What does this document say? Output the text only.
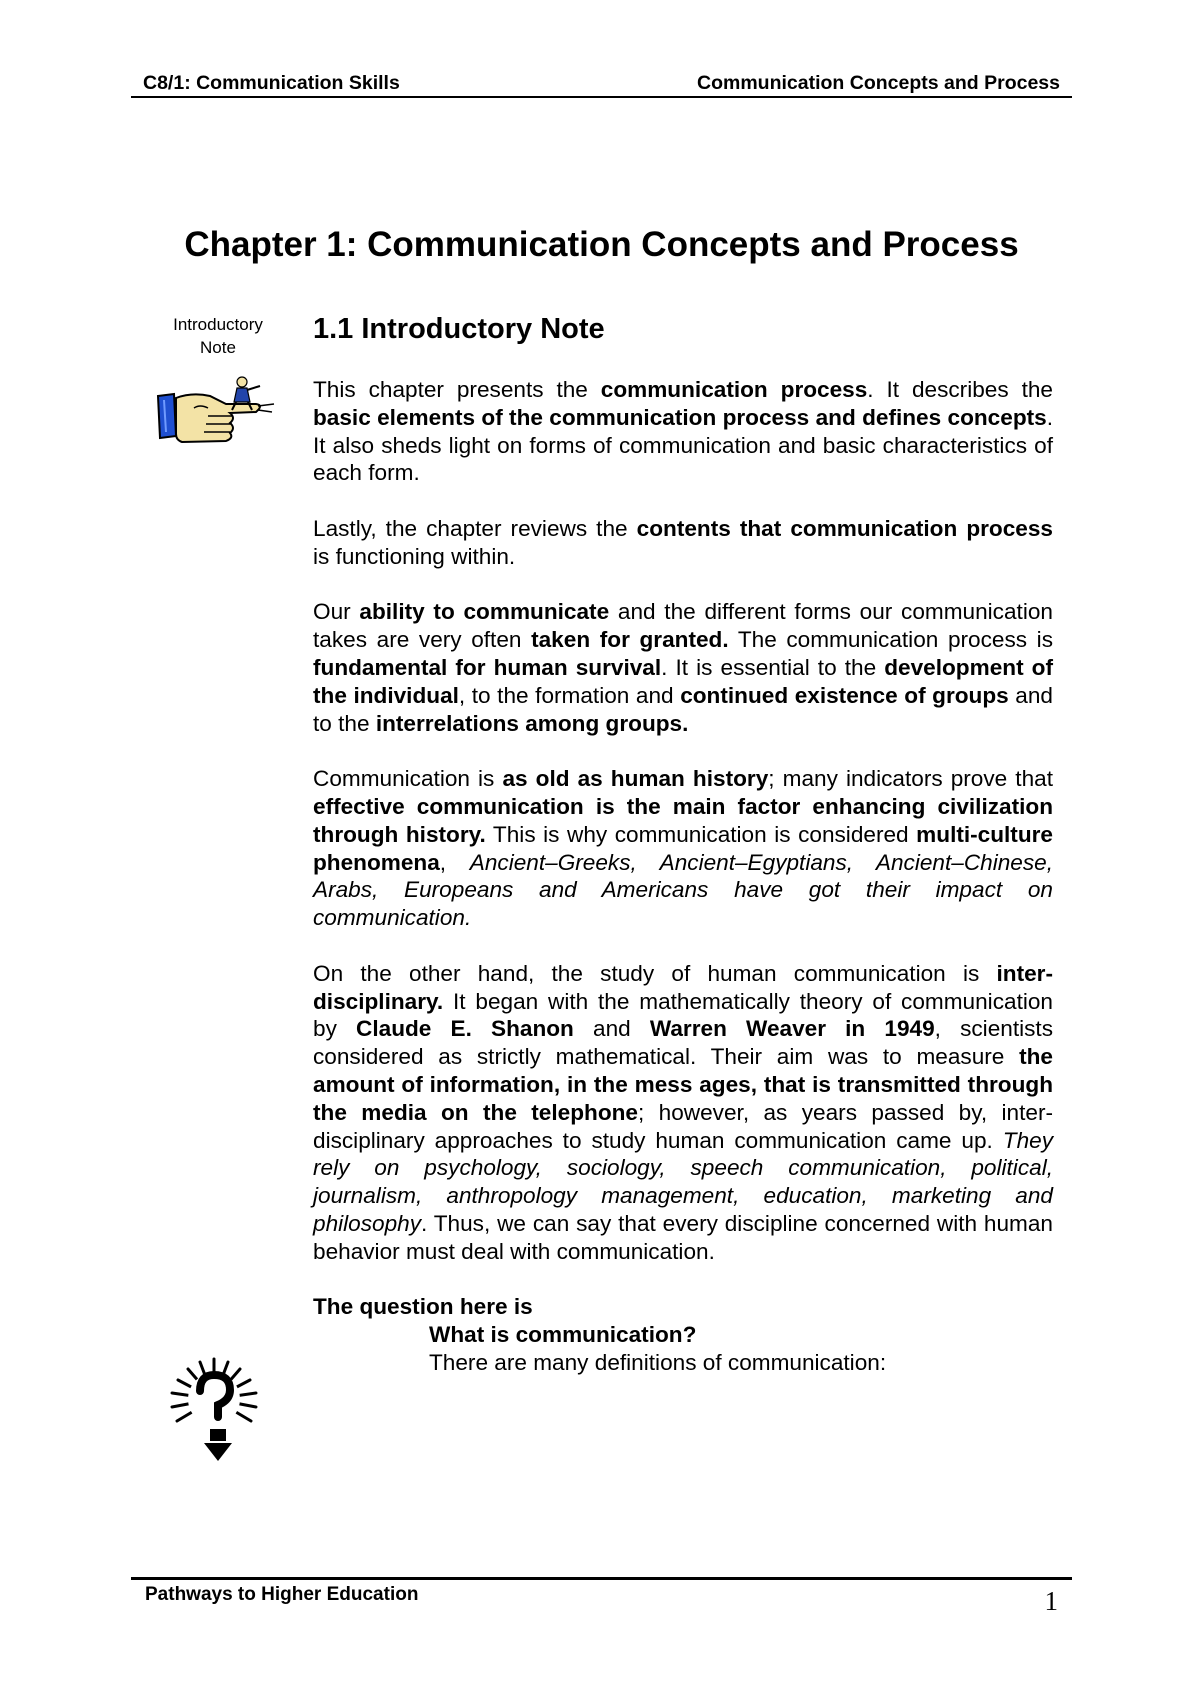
C8/1: Communication Skills	Communication Concepts and Process
Chapter 1: Communication Concepts and Process

Introductory
Note

1.1 Introductory Note

This chapter presents the communication process. It describes the basic elements of the communication process and defines concepts. It also sheds light on forms of communication and basic characteristics of each form.

Lastly, the chapter reviews the contents that communication process is functioning within.

Our ability to communicate and the different forms our communication takes are very often taken for granted. The communication process is fundamental for human survival. It is essential to the development of the individual, to the formation and continued existence of groups and to the interrelations among groups.

Communication is as old as human history; many indicators prove that effective communication is the main factor enhancing civilization through history. This is why communication is considered multi-culture phenomena, Ancient–Greeks, Ancient–Egyptians, Ancient–Chinese, Arabs, Europeans and Americans have got their impact on communication.

On the other hand, the study of human communication is inter-disciplinary. It began with the mathematically theory of communication by Claude E. Shanon and Warren Weaver in 1949, scientists considered as strictly mathematical. Their aim was to measure the amount of information, in the mess ages, that is transmitted through the media on the telephone; however, as years passed by, inter-disciplinary approaches to study human communication came up. They rely on psychology, sociology, speech communication, political, journalism, anthropology management, education, marketing and philosophy. Thus, we can say that every discipline concerned with human behavior must deal with communication.

The question here is
What is communication?
There are many definitions of communication:
Pathways to Higher Education	1
